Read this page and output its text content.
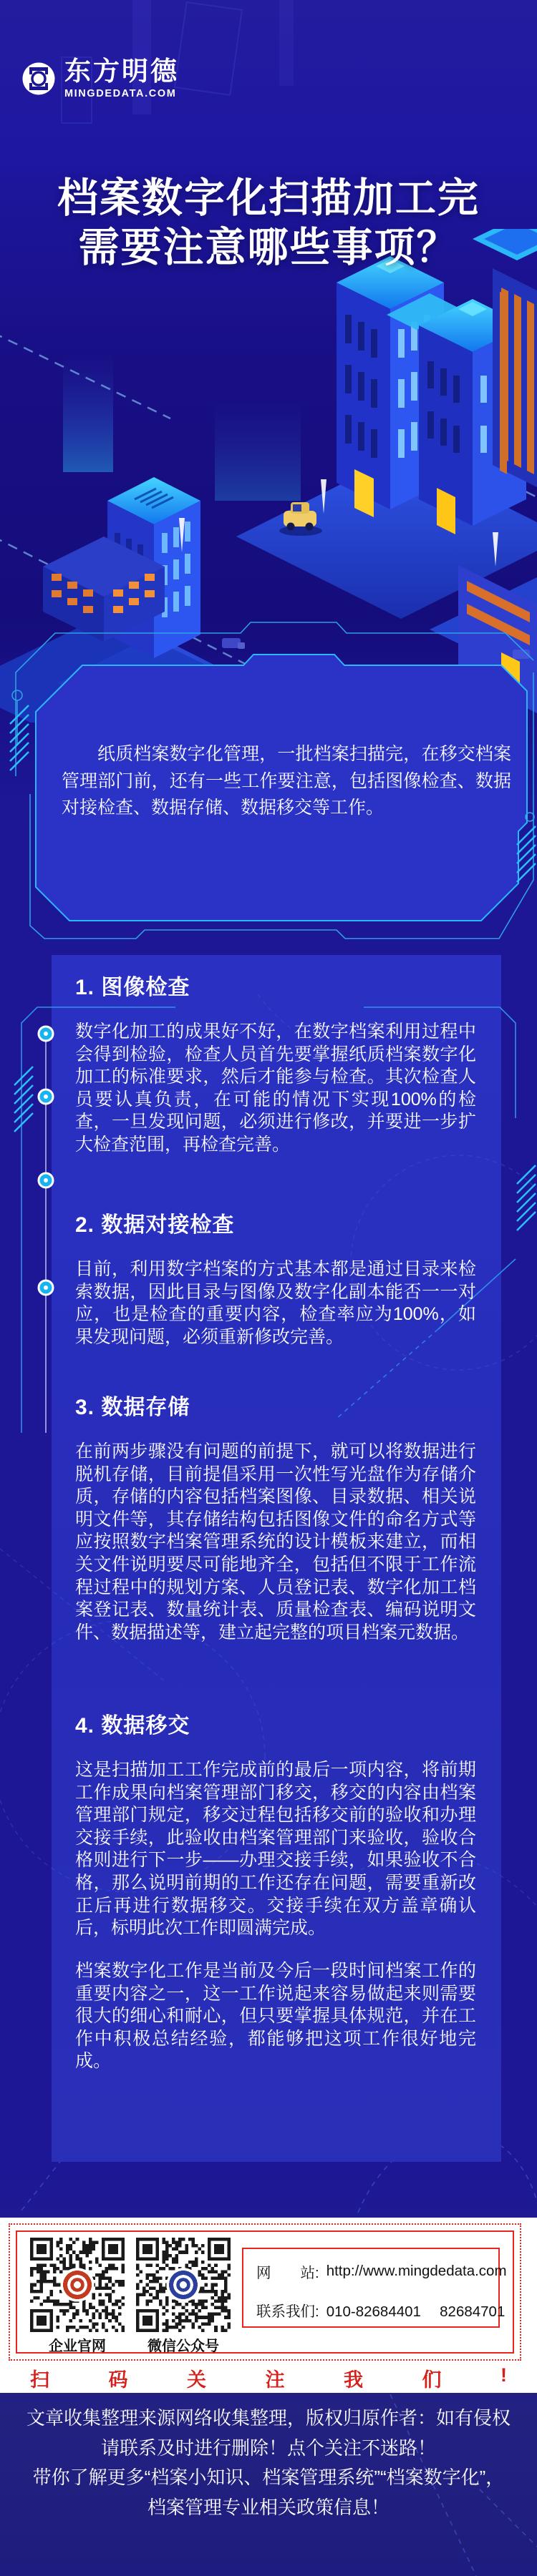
东方明德
MINGDEDATA.COM
档案数字化扫描加工完
需要注意哪些事项？

纸质档案数字化管理，一批档案扫描完，在移交档案管理部门前，还有一些工作要注意，包括图像检查、数据对接检查、数据存储、数据移交等工作。

1. 图像检查

数字化加工的成果好不好，在数字档案利用过程中会得到检验，检查人员首先要掌握纸质档案数字化加工的标准要求，然后才能参与检查。其次检查人员要认真负责，在可能的情况下实现100%的检查，一旦发现问题，必须进行修改，并要进一步扩大检查范围，再检查完善。

2. 数据对接检查

目前，利用数字档案的方式基本都是通过目录来检索数据，因此目录与图像及数字化副本能否一一对应，也是检查的重要内容，检查率应为100%，如果发现问题，必须重新修改完善。

3. 数据存储

在前两步骤没有问题的前提下，就可以将数据进行脱机存储，目前提倡采用一次性写光盘作为存储介质，存储的内容包括档案图像、目录数据、相关说明文件等，其存储结构包括图像文件的命名方式等应按照数字档案管理系统的设计模板来建立，而相关文件说明要尽可能地齐全，包括但不限于工作流程过程中的规划方案、人员登记表、数字化加工档案登记表、数量统计表、质量检查表、编码说明文件、数据描述等，建立起完整的项目档案元数据。

4. 数据移交

这是扫描加工工作完成前的最后一项内容，将前期工作成果向档案管理部门移交，移交的内容由档案管理部门规定，移交过程包括移交前的验收和办理交接手续，此验收由档案管理部门来验收，验收合格则进行下一步——办理交接手续，如果验收不合格，那么说明前期的工作还存在问题，需要重新改正后再进行数据移交。交接手续在双方盖章确认后，标明此次工作即圆满完成。

档案数字化工作是当前及今后一段时间档案工作的重要内容之一，这一工作说起来容易做起来则需要很大的细心和耐心，但只要掌握具体规范，并在工作中积极总结经验，都能够把这项工作很好地完成。

企业官网	微信公众号
网　　站: http://www.mingdedata.com
联系我们: 010-82684401　 82684701
扫	码	关	注	我	们	!
文章收集整理来源网络收集整理，版权归原作者：如有侵权
请联系及时进行删除！点个关注不迷路！
带你了解更多“档案小知识、档案管理系统”“档案数字化”，
档案管理专业相关政策信息！
